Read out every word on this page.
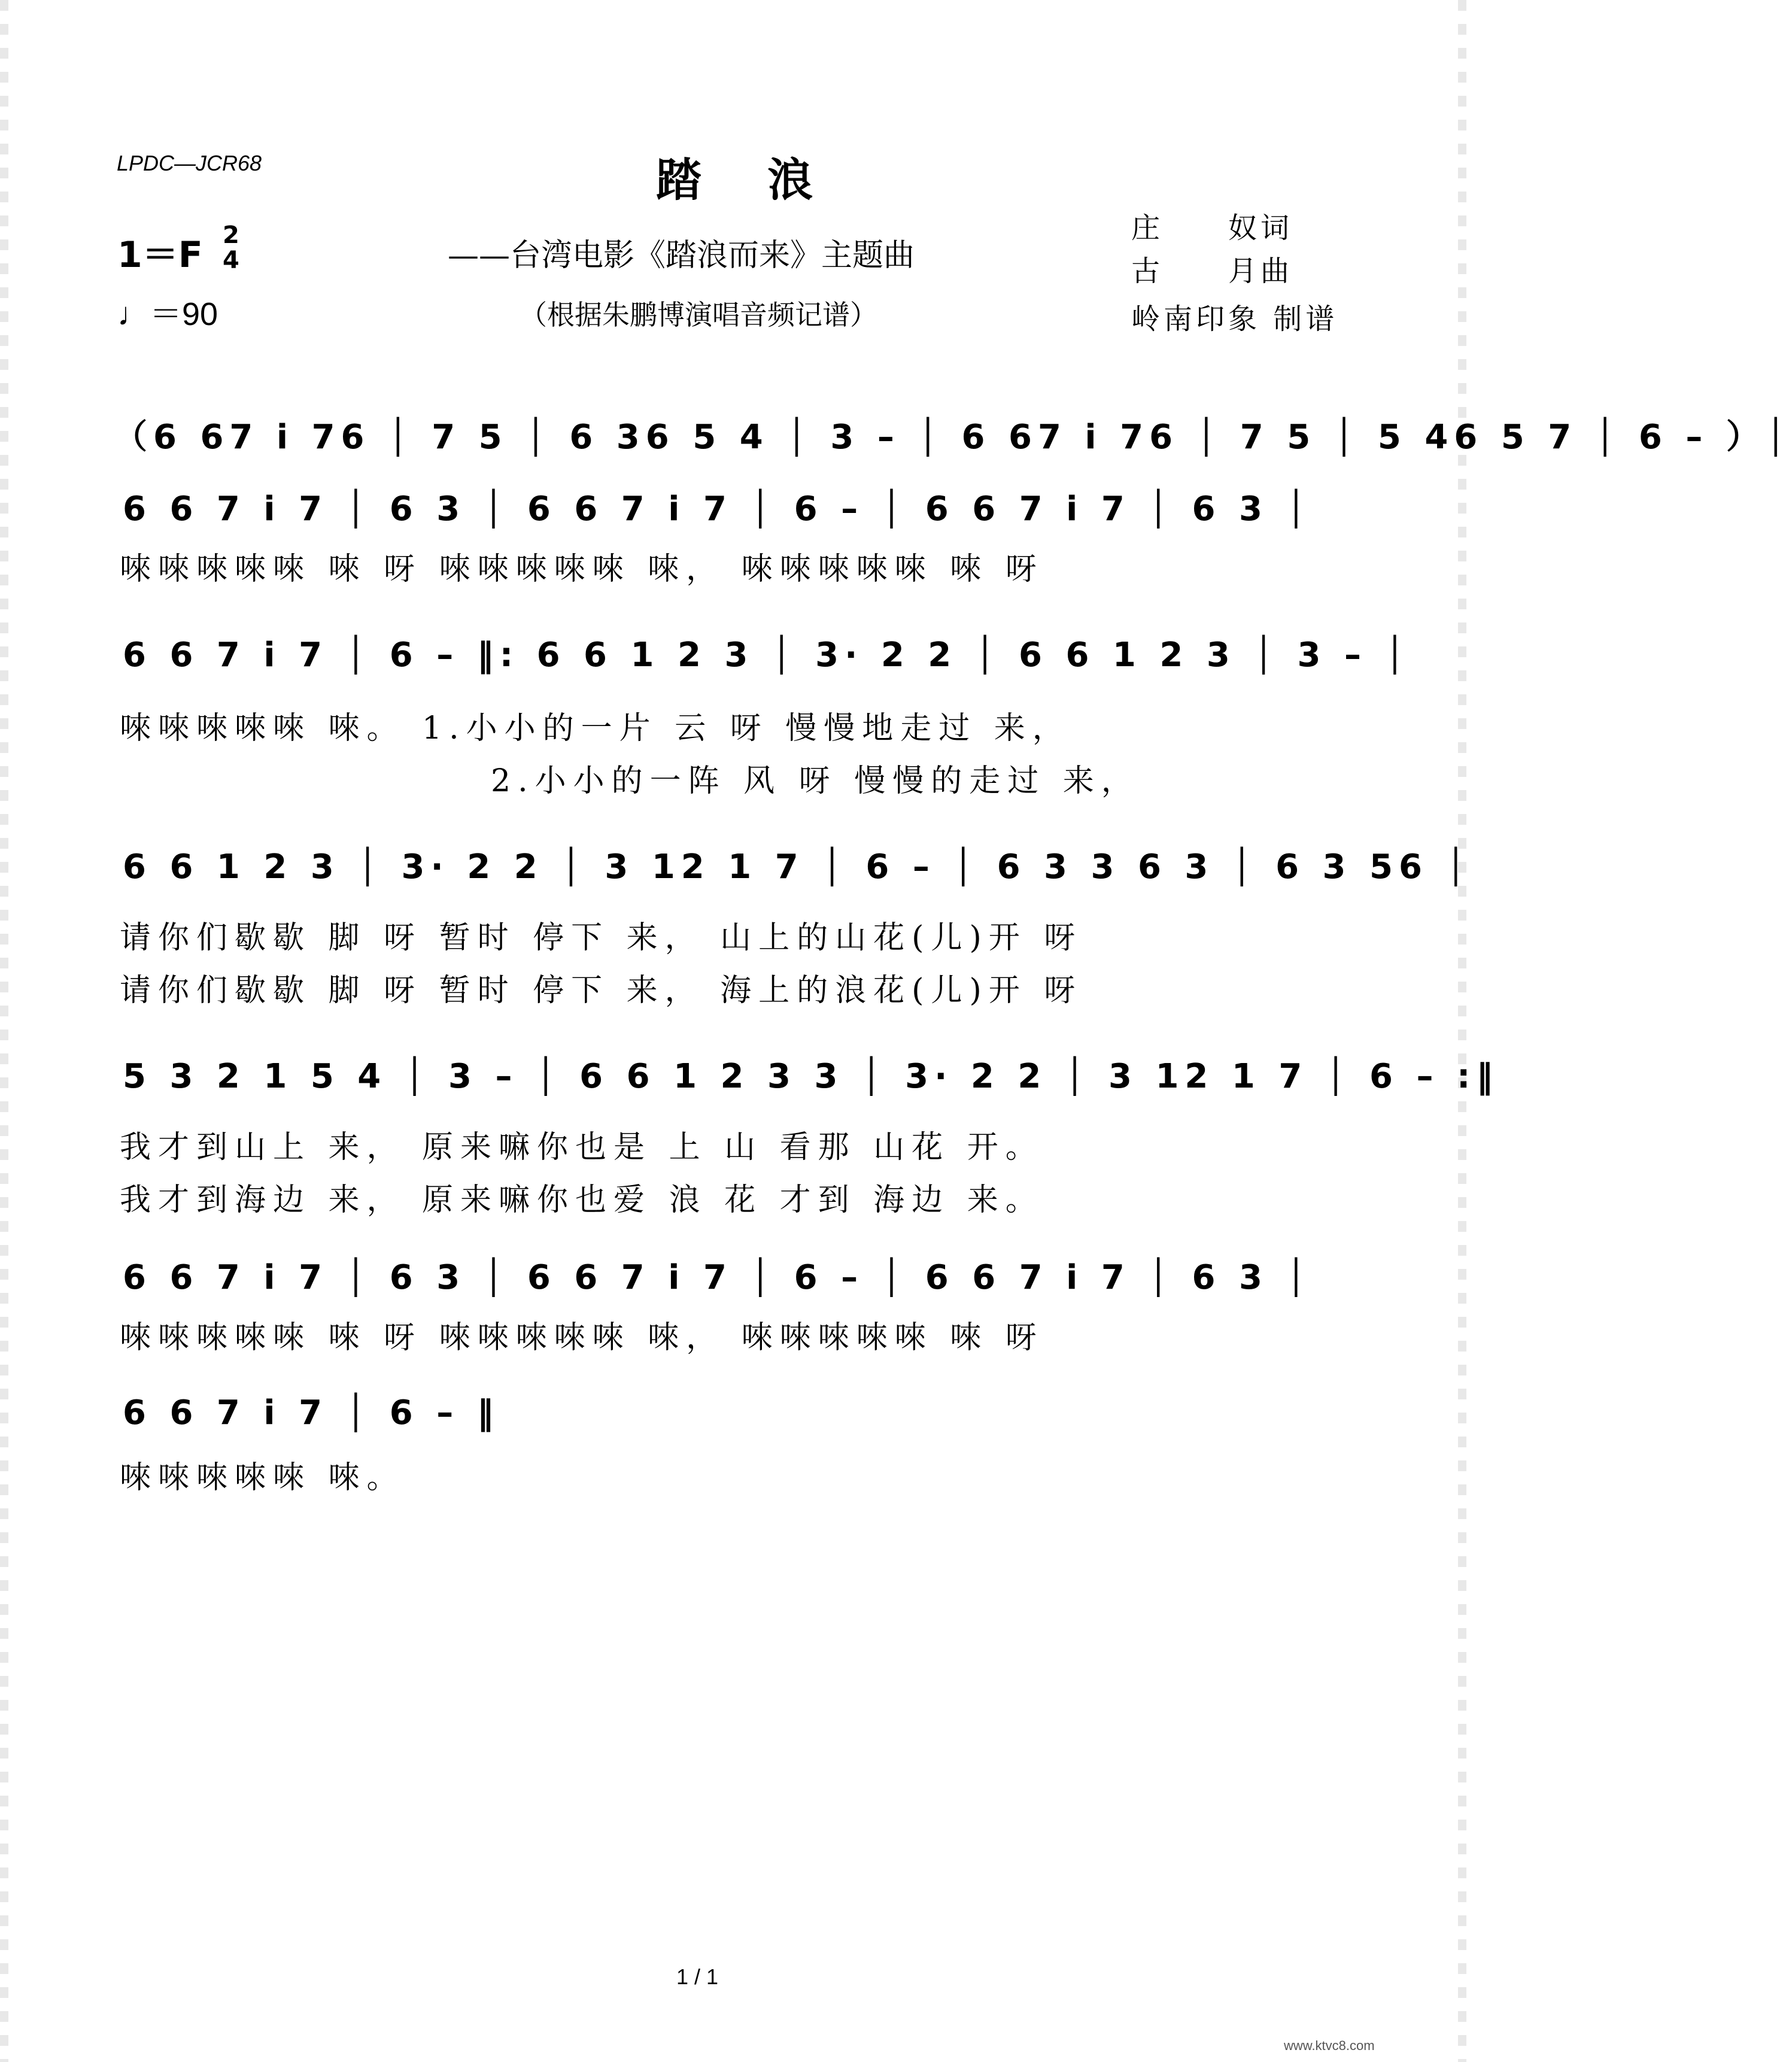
LPDC—JCR68	踏浪
1＝F 2
4
♩＝90
——台湾电影《踏浪而来》主题曲
（根据朱鹏博演唱音频记谱）
庄　　奴词
古　　月曲
岭南印象 制谱
（6 67 i 76 │ 7 5 │ 6 36 5 4 │ 3 – │ 6 67 i 76 │ 7 5 │ 5 46 5 7 │ 6 – ）│
6 6 7 i 7 │ 6 3 │ 6 6 7 i 7 │ 6 – │ 6 6 7 i 7 │ 6 3 │
唻唻唻唻唻 唻 呀 唻唻唻唻唻 唻， 唻唻唻唻唻 唻 呀
6 6 7 i 7 │ 6 – ‖: 6 6 1 2 3 │ 3· 2 2 │ 6 6 1 2 3 │ 3 – │
唻唻唻唻唻 唻。 1.小小的一片 云 呀 慢慢地走过 来，
2.小小的一阵 风 呀 慢慢的走过 来，
6 6 1 2 3 │ 3· 2 2 │ 3 12 1 7 │ 6 – │ 6 3 3 6 3 │ 6 3 56 │
请你们歇歇 脚 呀 暂时 停下 来， 山上的山花(儿)开 呀
请你们歇歇 脚 呀 暂时 停下 来， 海上的浪花(儿)开 呀
5 3 2 1 5 4 │ 3 – │ 6 6 1 2 3 3 │ 3· 2 2 │ 3 12 1 7 │ 6 – :‖
我才到山上 来， 原来嘛你也是 上 山 看那 山花 开。
我才到海边 来， 原来嘛你也爱 浪 花 才到 海边 来。
6 6 7 i 7 │ 6 3 │ 6 6 7 i 7 │ 6 – │ 6 6 7 i 7 │ 6 3 │
唻唻唻唻唻 唻 呀 唻唻唻唻唻 唻， 唻唻唻唻唻 唻 呀
6 6 7 i 7 │ 6 – ‖
唻唻唻唻唻 唻。
1 / 1
www.ktvc8.com
